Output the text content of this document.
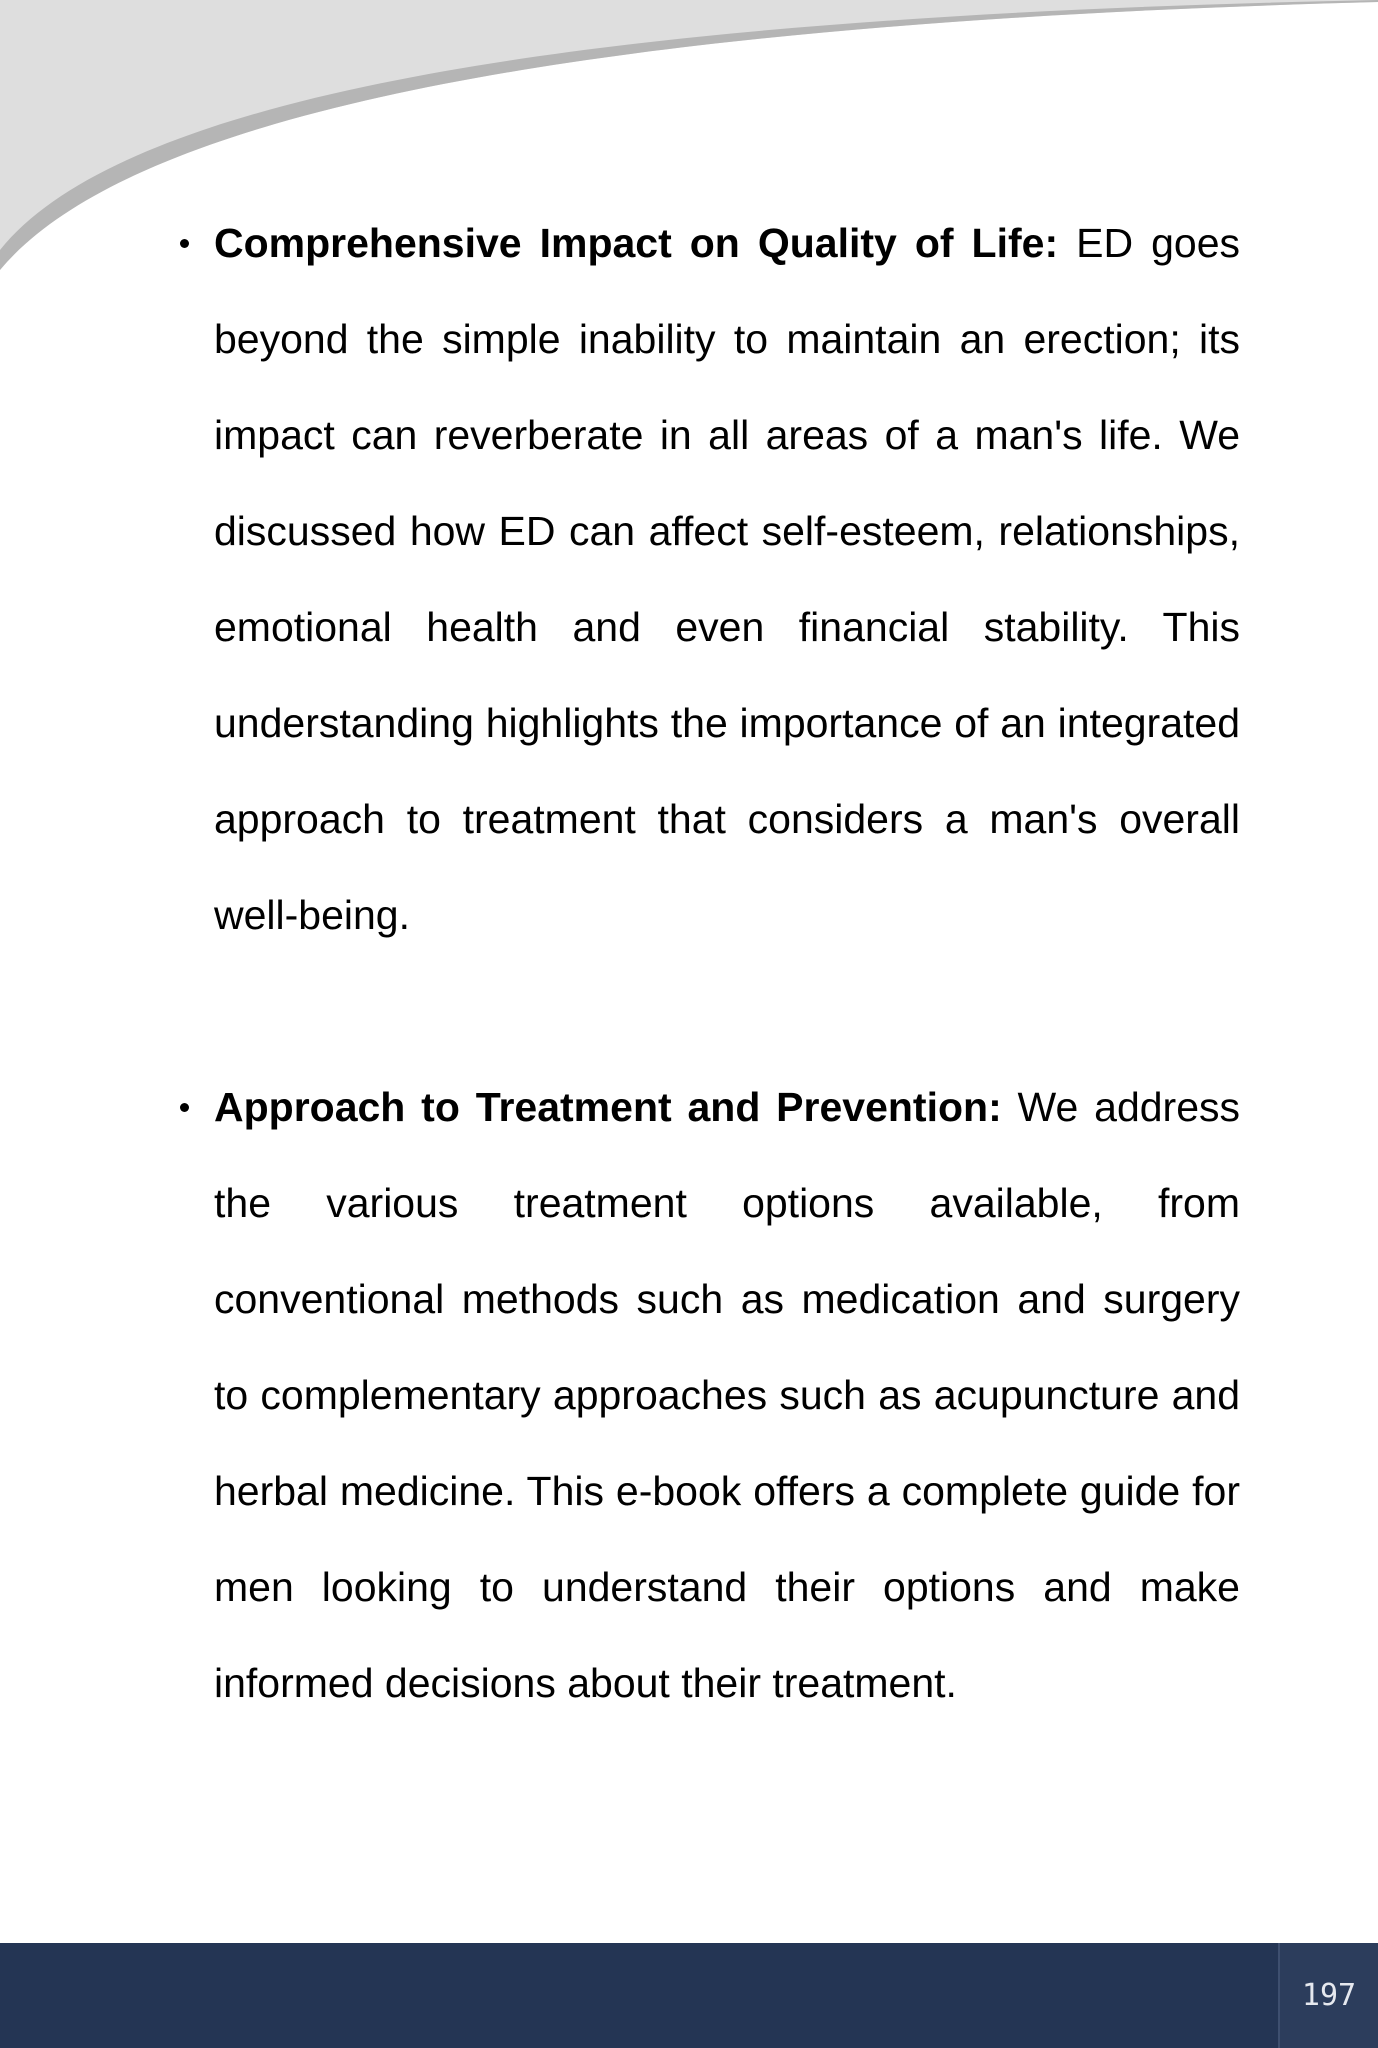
Comprehensive Impact on Quality of Life: ED goes beyond the simple inability to maintain an erection; its impact can reverberate in all areas of a man's life. We discussed how ED can affect self-esteem, relationships, emotional health and even financial stability. This understanding highlights the importance of an integrated approach to treatment that considers a man's overall well-being.
Approach to Treatment and Prevention: We address the various treatment options available, from conventional methods such as medication and surgery to complementary approaches such as acupuncture and herbal medicine. This e-book offers a complete guide for men looking to understand their options and make informed decisions about their treatment.
197
